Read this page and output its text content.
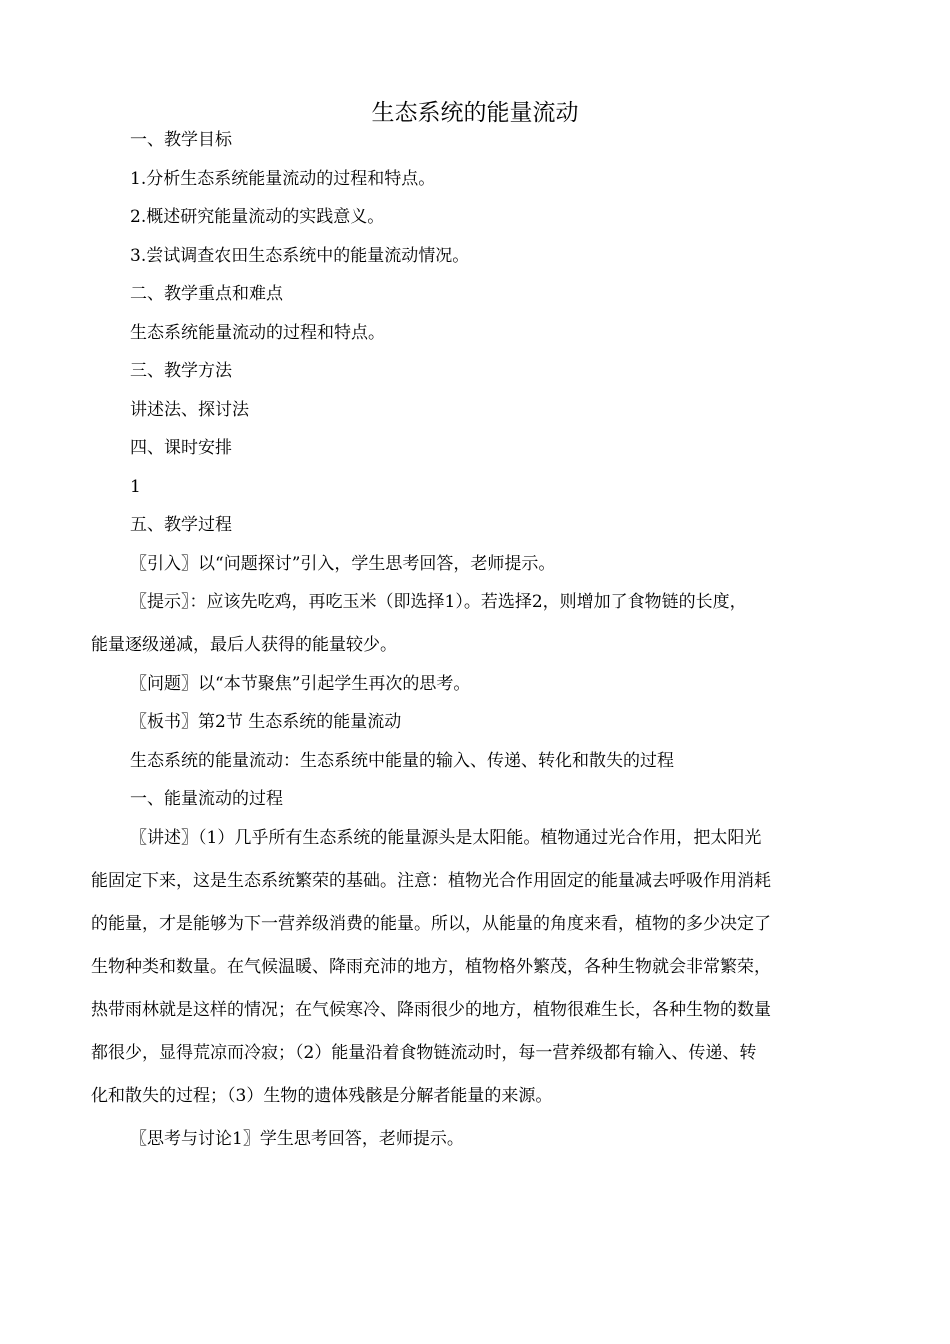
生态系统的能量流动

一、教学目标

1.分析生态系统能量流动的过程和特点。

2.概述研究能量流动的实践意义。

3.尝试调查农田生态系统中的能量流动情况。

二、教学重点和难点

生态系统能量流动的过程和特点。

三、教学方法

讲述法、探讨法

四、课时安排

1

五、教学过程

〖引入〗以“问题探讨”引入，学生思考回答，老师提示。

〖提示〗：应该先吃鸡，再吃玉米（即选择1）。若选择2，则增加了食物链的长度，

能量逐级递减，最后人获得的能量较少。

〖问题〗以“本节聚焦”引起学生再次的思考。

〖板书〗第2节 生态系统的能量流动

生态系统的能量流动：生态系统中能量的输入、传递、转化和散失的过程

一、能量流动的过程

〖讲述〗（1）几乎所有生态系统的能量源头是太阳能。植物通过光合作用，把太阳光

能固定下来，这是生态系统繁荣的基础。注意：植物光合作用固定的能量减去呼吸作用消耗

的能量，才是能够为下一营养级消费的能量。所以，从能量的角度来看，植物的多少决定了

生物种类和数量。在气候温暖、降雨充沛的地方，植物格外繁茂，各种生物就会非常繁荣，

热带雨林就是这样的情况；在气候寒冷、降雨很少的地方，植物很难生长，各种生物的数量

都很少，显得荒凉而冷寂；（2）能量沿着食物链流动时，每一营养级都有输入、传递、转

化和散失的过程；（3）生物的遗体残骸是分解者能量的来源。

〖思考与讨论1〗学生思考回答，老师提示。
